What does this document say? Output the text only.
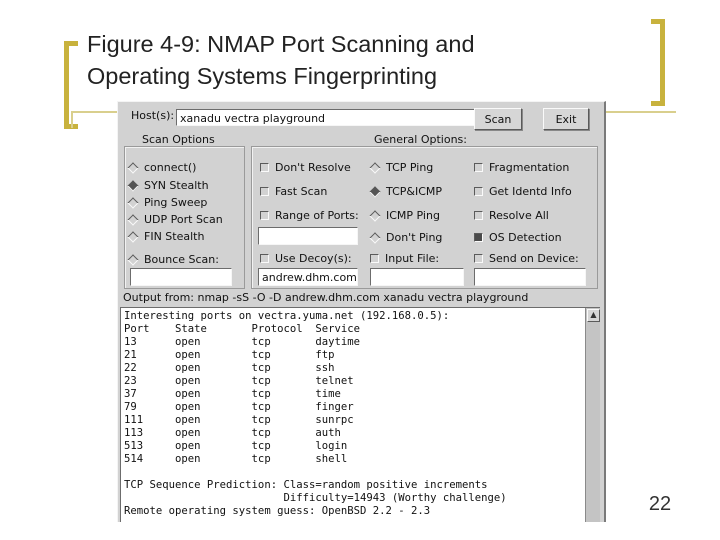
Figure 4-9: NMAP Port Scanning and
Operating Systems Fingerprinting
Host(s): xanadu vectra playground	Scan	Exit
Scan Options	General Options:
connect()
SYN Stealth
Ping Sweep
UDP Port Scan
FIN Stealth
Bounce Scan:
Don't Resolve
Fast Scan
Range of Ports:
Use Decoy(s):
andrew.dhm.com
TCP Ping
TCP&ICMP
ICMP Ping
Don't Ping
Input File:
Fragmentation
Get Identd Info
Resolve All
OS Detection
Send on Device:
Output from: nmap -sS -O -D andrew.dhm.com xanadu vectra playground
Interesting ports on vectra.yuma.net (192.168.0.5):
Port    State       Protocol  Service
13      open        tcp       daytime
21      open        tcp       ftp
22      open        tcp       ssh
23      open        tcp       telnet
37      open        tcp       time
79      open        tcp       finger
111     open        tcp       sunrpc
113     open        tcp       auth
513     open        tcp       login
514     open        tcp       shell

TCP Sequence Prediction: Class=random positive increments
Difficulty=14943 (Worthy challenge)
Remote operating system guess: OpenBSD 2.2 - 2.3
▲
22
